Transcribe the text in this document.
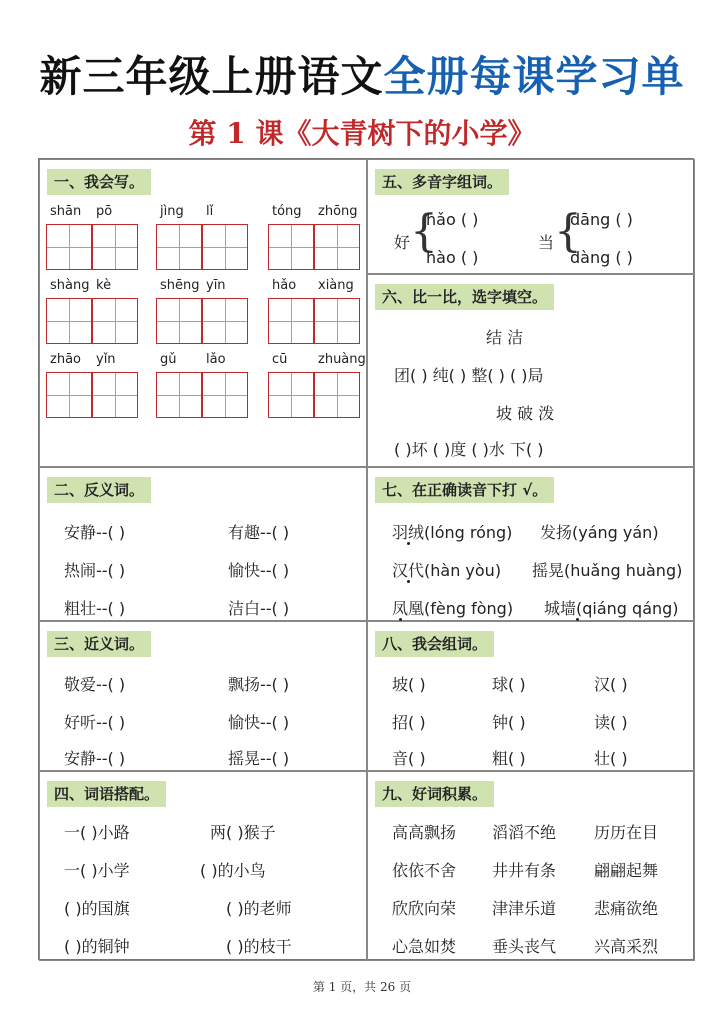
新三年级上册语文全册每课学习单
第 1 课《大青树下的小学》
一、我会写。
shān pō	jìng lǐ	tóng zhōng
shàng kè	shēng yīn	hǎo xiàng
zhāo yǐn	gǔ lǎo	cū zhuàng
五、多音字组词。
好 {
hǎo ( )
hào ( )
当 {
dāng ( )
dàng ( )
六、比一比，选字填空。
结 洁
团( ) 纯( ) 整( ) ( )局
坡 破 泼
( )坏 ( )度 ( )水 下( )
二、反义词。
安静--( )	有趣--( )
热闹--( )	愉快--( )
粗壮--( )	洁白--( )
七、在正确读音下打 √。
羽绒(lóng róng) 发扬(yáng yán)
汉代(hàn yòu) 摇晃(huǎng huàng)
凤凰(fèng fòng) 城墙(qiáng qáng)
三、近义词。
敬爱--( )	飘扬--( )
好听--( )	愉快--( )
安静--( )	摇晃--( )
八、我会组词。
坡( )	球( )	汉( )
招( )	钟( )	读( )
音( )	粗( )	壮( )
四、词语搭配。
一( )小路	两( )猴子
一( )小学	( )的小鸟
( )的国旗	( )的老师
( )的铜钟	( )的枝干
九、好词积累。
高高飘扬 滔滔不绝 历历在目
依依不舍 井井有条 翩翩起舞
欣欣向荣 津津乐道 悲痛欲绝
心急如焚 垂头丧气 兴高采烈
第 1 页，共 26 页
